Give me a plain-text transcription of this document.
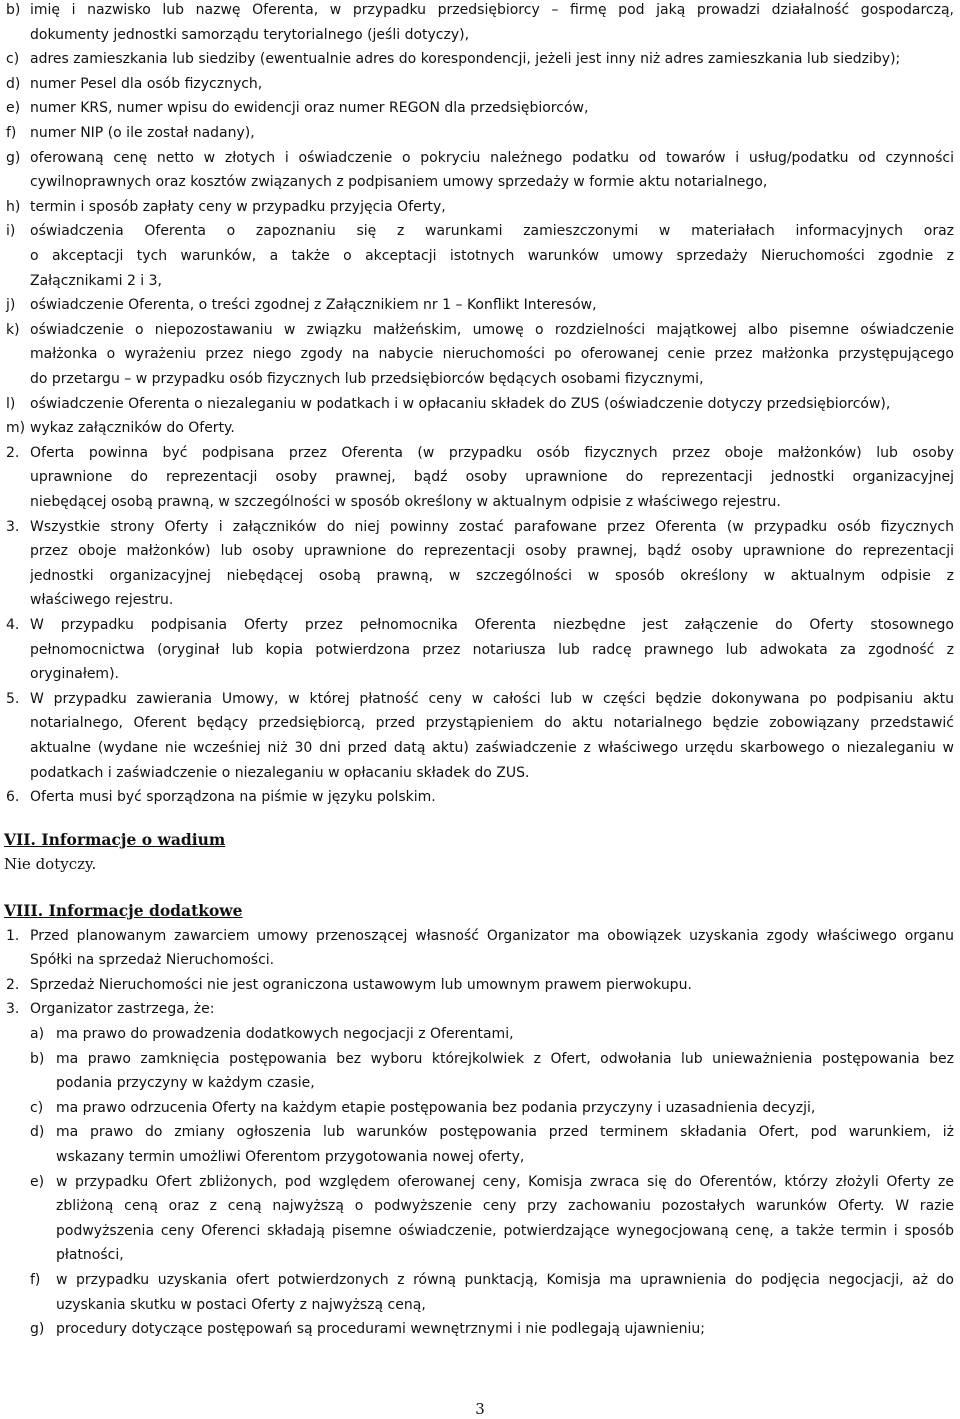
b) imię i nazwisko lub nazwę Oferenta, w przypadku przedsiębiorcy – firmę pod jaką prowadzi działalność gospodarczą,
dokumenty jednostki samorządu terytorialnego (jeśli dotyczy),
c) adres zamieszkania lub siedziby (ewentualnie adres do korespondencji, jeżeli jest inny niż adres zamieszkania lub siedziby);
d) numer Pesel dla osób fizycznych,
e) numer KRS, numer wpisu do ewidencji oraz numer REGON dla przedsiębiorców,
f) numer NIP (o ile został nadany),
g) oferowaną cenę netto w złotych i oświadczenie o pokryciu należnego podatku od towarów i usług/podatku od czynności
cywilnoprawnych oraz kosztów związanych z podpisaniem umowy sprzedaży w formie aktu notarialnego,
h) termin i sposób zapłaty ceny w przypadku przyjęcia Oferty,
i) oświadczenia Oferenta o zapoznaniu się z warunkami zamieszczonymi w materiałach informacyjnych oraz
o akceptacji tych warunków, a także o akceptacji istotnych warunków umowy sprzedaży Nieruchomości zgodnie z
Załącznikami 2 i 3,
j) oświadczenie Oferenta, o treści zgodnej z Załącznikiem nr 1 – Konflikt Interesów,
k) oświadczenie o niepozostawaniu w związku małżeńskim, umowę o rozdzielności majątkowej albo pisemne oświadczenie
małżonka o wyrażeniu przez niego zgody na nabycie nieruchomości po oferowanej cenie przez małżonka przystępującego
do przetargu – w przypadku osób fizycznych lub przedsiębiorców będących osobami fizycznymi,
l) oświadczenie Oferenta o niezaleganiu w podatkach i w opłacaniu składek do ZUS (oświadczenie dotyczy przedsiębiorców),
m) wykaz załączników do Oferty.
2. Oferta powinna być podpisana przez Oferenta (w przypadku osób fizycznych przez oboje małżonków) lub osoby
uprawnione do reprezentacji osoby prawnej, bądź osoby uprawnione do reprezentacji jednostki organizacyjnej
niebędącej osobą prawną, w szczególności w sposób określony w aktualnym odpisie z właściwego rejestru.
3. Wszystkie strony Oferty i załączników do niej powinny zostać parafowane przez Oferenta (w przypadku osób fizycznych
przez oboje małżonków) lub osoby uprawnione do reprezentacji osoby prawnej, bądź osoby uprawnione do reprezentacji
jednostki organizacyjnej niebędącej osobą prawną, w szczególności w sposób określony w aktualnym odpisie z
właściwego rejestru.
4. W przypadku podpisania Oferty przez pełnomocnika Oferenta niezbędne jest załączenie do Oferty stosownego
pełnomocnictwa (oryginał lub kopia potwierdzona przez notariusza lub radcę prawnego lub adwokata za zgodność z
oryginałem).
5. W przypadku zawierania Umowy, w której płatność ceny w całości lub w części będzie dokonywana po podpisaniu aktu
notarialnego, Oferent będący przedsiębiorcą, przed przystąpieniem do aktu notarialnego będzie zobowiązany przedstawić
aktualne (wydane nie wcześniej niż 30 dni przed datą aktu) zaświadczenie z właściwego urzędu skarbowego o niezaleganiu w
podatkach i zaświadczenie o niezaleganiu w opłacaniu składek do ZUS.
6. Oferta musi być sporządzona na piśmie w języku polskim.
VII. Informacje o wadium
Nie dotyczy.
VIII. Informacje dodatkowe
1. Przed planowanym zawarciem umowy przenoszącej własność Organizator ma obowiązek uzyskania zgody właściwego organu
Spółki na sprzedaż Nieruchomości.
2. Sprzedaż Nieruchomości nie jest ograniczona ustawowym lub umownym prawem pierwokupu.
3. Organizator zastrzega, że:
a) ma prawo do prowadzenia dodatkowych negocjacji z Oferentami,
b) ma prawo zamknięcia postępowania bez wyboru którejkolwiek z Ofert, odwołania lub unieważnienia postępowania bez
podania przyczyny w każdym czasie,
c) ma prawo odrzucenia Oferty na każdym etapie postępowania bez podania przyczyny i uzasadnienia decyzji,
d) ma prawo do zmiany ogłoszenia lub warunków postępowania przed terminem składania Ofert, pod warunkiem, iż
wskazany termin umożliwi Oferentom przygotowania nowej oferty,
e) w przypadku Ofert zbliżonych, pod względem oferowanej ceny, Komisja zwraca się do Oferentów, którzy złożyli Oferty ze
zbliżoną ceną oraz z ceną najwyższą o podwyższenie ceny przy zachowaniu pozostałych warunków Oferty. W razie
podwyższenia ceny Oferenci składają pisemne oświadczenie, potwierdzające wynegocjowaną cenę, a także termin i sposób
płatności,
f) w przypadku uzyskania ofert potwierdzonych z równą punktacją, Komisja ma uprawnienia do podjęcia negocjacji, aż do
uzyskania skutku w postaci Oferty z najwyższą ceną,
g) procedury dotyczące postępowań są procedurami wewnętrznymi i nie podlegają ujawnieniu;
3
